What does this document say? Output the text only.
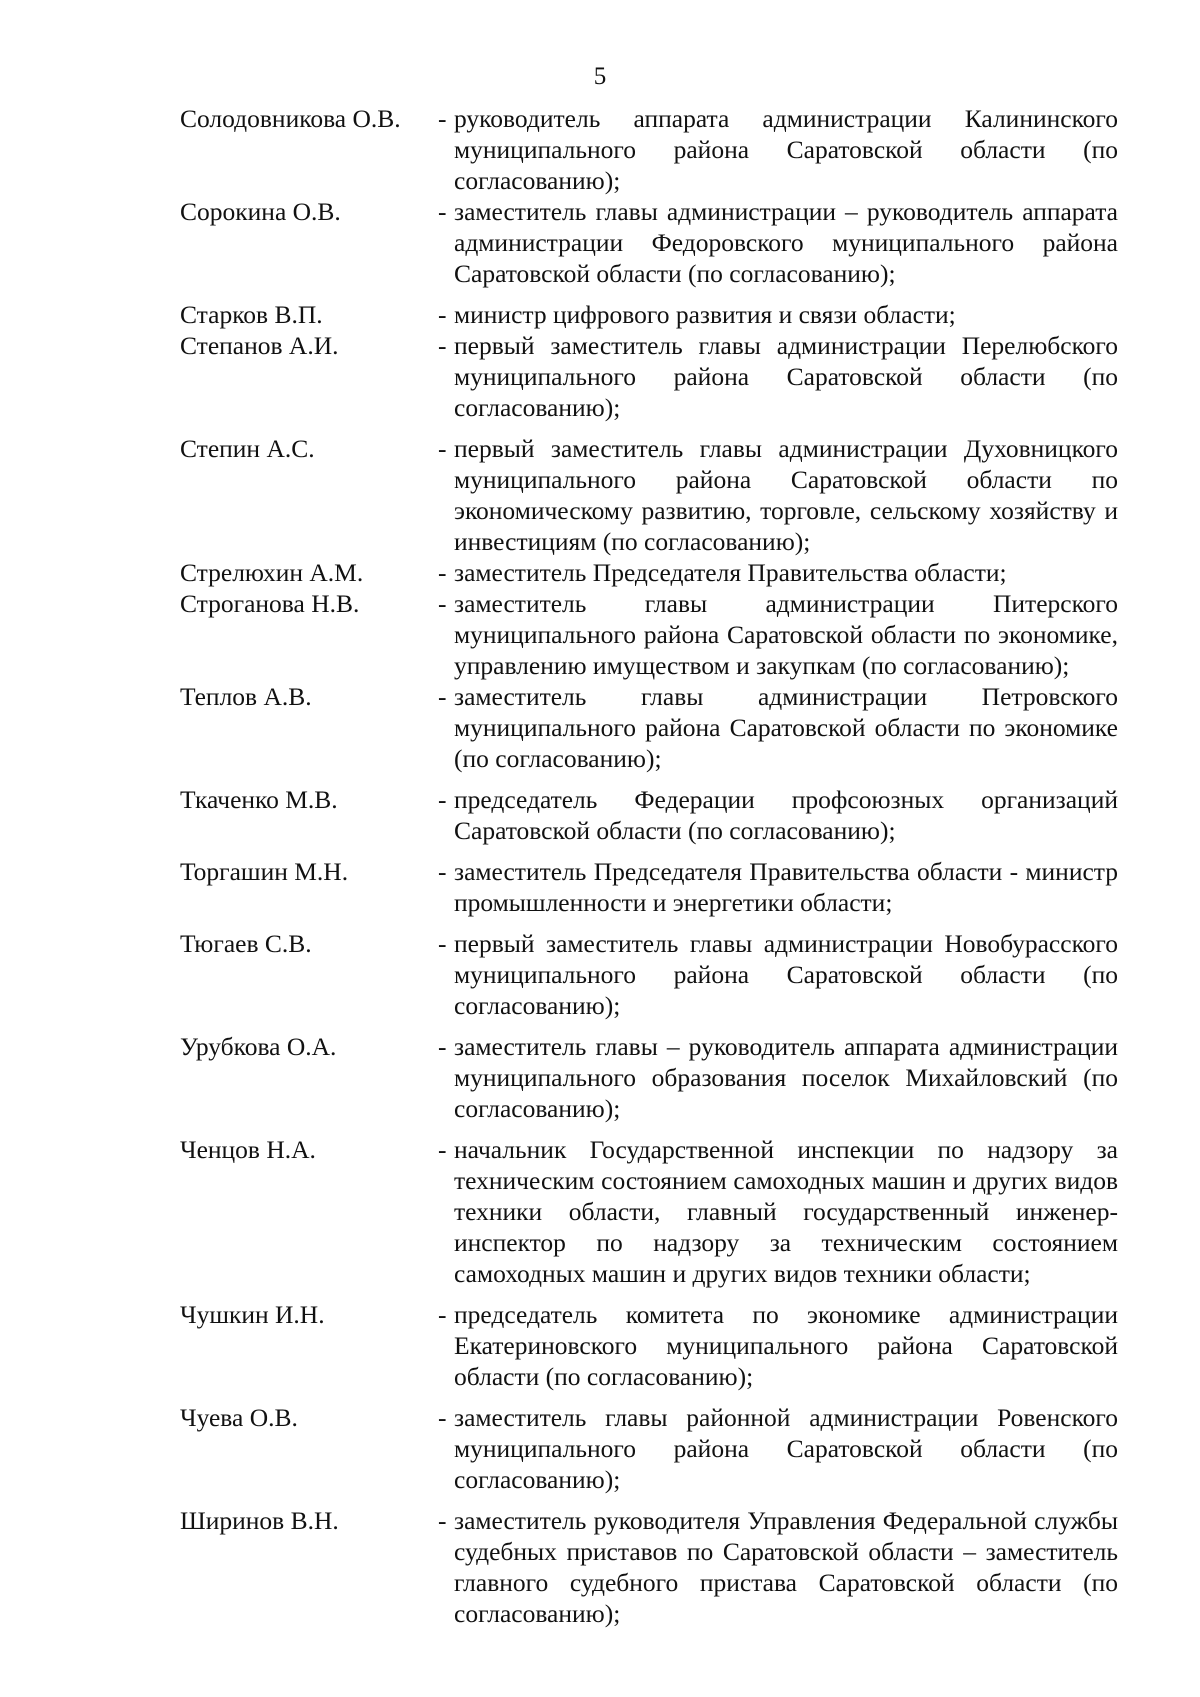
5
Солодовникова О.В.	- руководитель аппарата администрации Калининского муниципального района Саратовской области (по согласованию);
Сорокина О.В.	- заместитель главы администрации – руководитель аппарата администрации Федоровского муниципального района Саратовской области (по согласованию);
Старков В.П.	- министр цифрового развития и связи области;
Степанов А.И.	- первый заместитель главы администрации Перелюбского муниципального района Саратовской области (по согласованию);
Степин А.С.	- первый заместитель главы администрации Духовницкого муниципального района Саратовской области по экономическому развитию, торговле, сельскому хозяйству и инвестициям (по согласованию);
Стрелюхин А.М.	- заместитель Председателя Правительства области;
Строганова Н.В.	- заместитель главы администрации Питерского муниципального района Саратовской области по экономике, управлению имуществом и закупкам (по согласованию);
Теплов А.В.	- заместитель главы администрации Петровского муниципального района Саратовской области по экономике (по согласованию);
Ткаченко М.В.	- председатель Федерации профсоюзных организаций Саратовской области (по согласованию);
Торгашин М.Н.	- заместитель Председателя Правительства области - министр промышленности и энергетики области;
Тюгаев С.В.	- первый заместитель главы администрации Новобурасского муниципального района Саратовской области (по согласованию);
Урубкова О.А.	- заместитель главы – руководитель аппарата администрации муниципального образования поселок Михайловский (по согласованию);
Ченцов Н.А.	- начальник Государственной инспекции по надзору за техническим состоянием самоходных машин и других видов техники области, главный государственный инженер-инспектор по надзору за техническим состоянием самоходных машин и других видов техники области;
Чушкин И.Н.	- председатель комитета по экономике администрации Екатериновского муниципального района Саратовской области (по согласованию);
Чуева О.В.	- заместитель главы районной администрации Ровенского муниципального района Саратовской области (по согласованию);
Ширинов В.Н.	- заместитель руководителя Управления Федеральной службы судебных приставов по Саратовской области – заместитель главного судебного пристава Саратовской области (по согласованию);
